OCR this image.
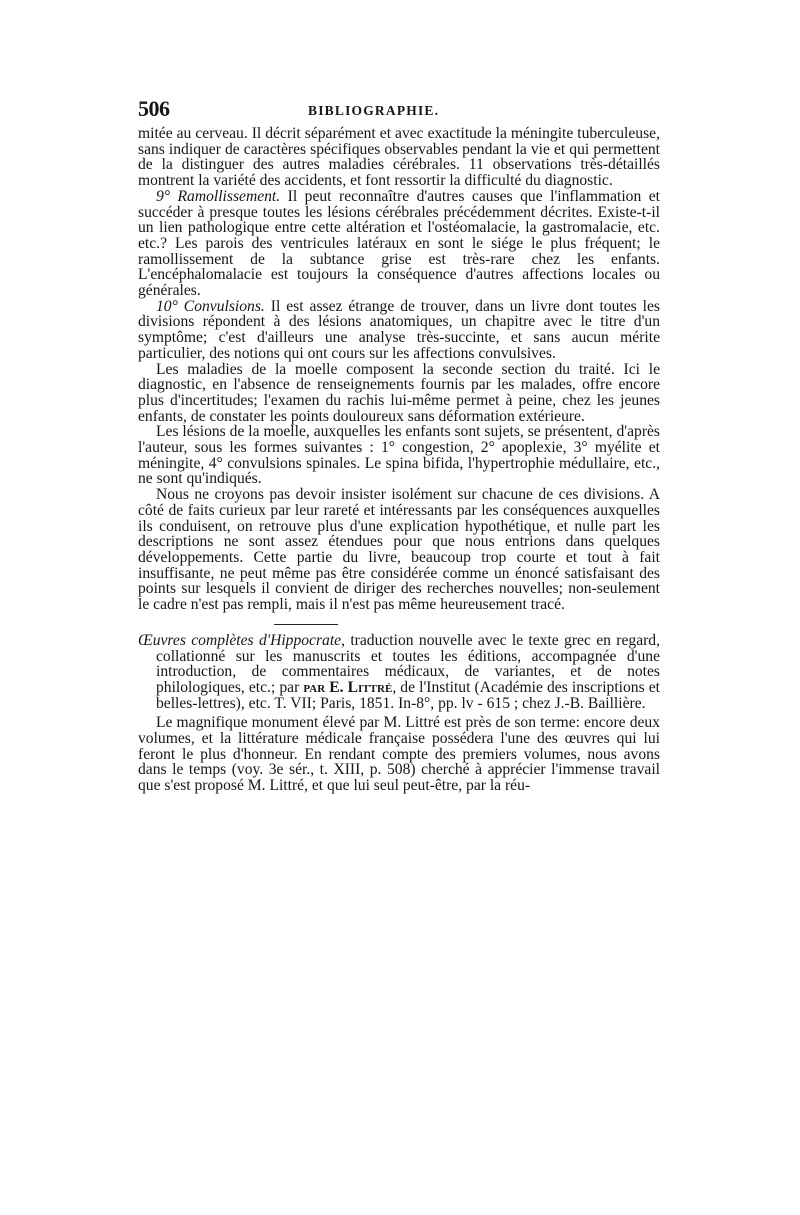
506	BIBLIOGRAPHIE.

mitée au cerveau. Il décrit séparément et avec exactitude la méningite tuberculeuse, sans indiquer de caractères spécifiques observables pendant la vie et qui permettent de la distinguer des autres maladies cérébrales. 11 observations très-détaillés montrent la variété des accidents, et font ressortir la difficulté du diagnostic.

9° Ramollissement. Il peut reconnaître d'autres causes que l'inflammation et succéder à presque toutes les lésions cérébrales précédemment décrites. Existe-t-il un lien pathologique entre cette altération et l'ostéomalacie, la gastromalacie, etc. etc.? Les parois des ventricules latéraux en sont le siége le plus fréquent; le ramollissement de la subtance grise est très-rare chez les enfants. L'encéphalomalacie est toujours la conséquence d'autres affections locales ou générales.

10° Convulsions. Il est assez étrange de trouver, dans un livre dont toutes les divisions répondent à des lésions anatomiques, un chapitre avec le titre d'un symptôme; c'est d'ailleurs une analyse très-succinte, et sans aucun mérite particulier, des notions qui ont cours sur les affections convulsives.

Les maladies de la moelle composent la seconde section du traité. Ici le diagnostic, en l'absence de renseignements fournis par les malades, offre encore plus d'incertitudes; l'examen du rachis lui-même permet à peine, chez les jeunes enfants, de constater les points douloureux sans déformation extérieure.

Les lésions de la moelle, auxquelles les enfants sont sujets, se présentent, d'après l'auteur, sous les formes suivantes : 1° congestion, 2° apoplexie, 3° myélite et méningite, 4° convulsions spinales. Le spina bifida, l'hypertrophie médullaire, etc., ne sont qu'indiqués.

Nous ne croyons pas devoir insister isolément sur chacune de ces divisions. A côté de faits curieux par leur rareté et intéressants par les conséquences auxquelles ils conduisent, on retrouve plus d'une explication hypothétique, et nulle part les descriptions ne sont assez étendues pour que nous entrions dans quelques développements. Cette partie du livre, beaucoup trop courte et tout à fait insuffisante, ne peut même pas être considérée comme un énoncé satisfaisant des points sur lesquels il convient de diriger des recherches nouvelles; non-seulement le cadre n'est pas rempli, mais il n'est pas même heureusement tracé.

Œuvres complètes d'Hippocrate, traduction nouvelle avec le texte grec en regard, collationné sur les manuscrits et toutes les éditions, accompagnée d'une introduction, de commentaires médicaux, de variantes, et de notes philologiques, etc.; par par E. Littré, de l'Institut (Académie des inscriptions et belles-lettres), etc. T. VII; Paris, 1851. In-8°, pp. lv - 615 ; chez J.-B. Baillière.

Le magnifique monument élevé par M. Littré est près de son terme: encore deux volumes, et la littérature médicale française possédera l'une des œuvres qui lui feront le plus d'honneur. En rendant compte des premiers volumes, nous avons dans le temps (voy. 3e sér., t. XIII, p. 508) cherché à apprécier l'immense travail que s'est proposé M. Littré, et que lui seul peut-être, par la réu-
